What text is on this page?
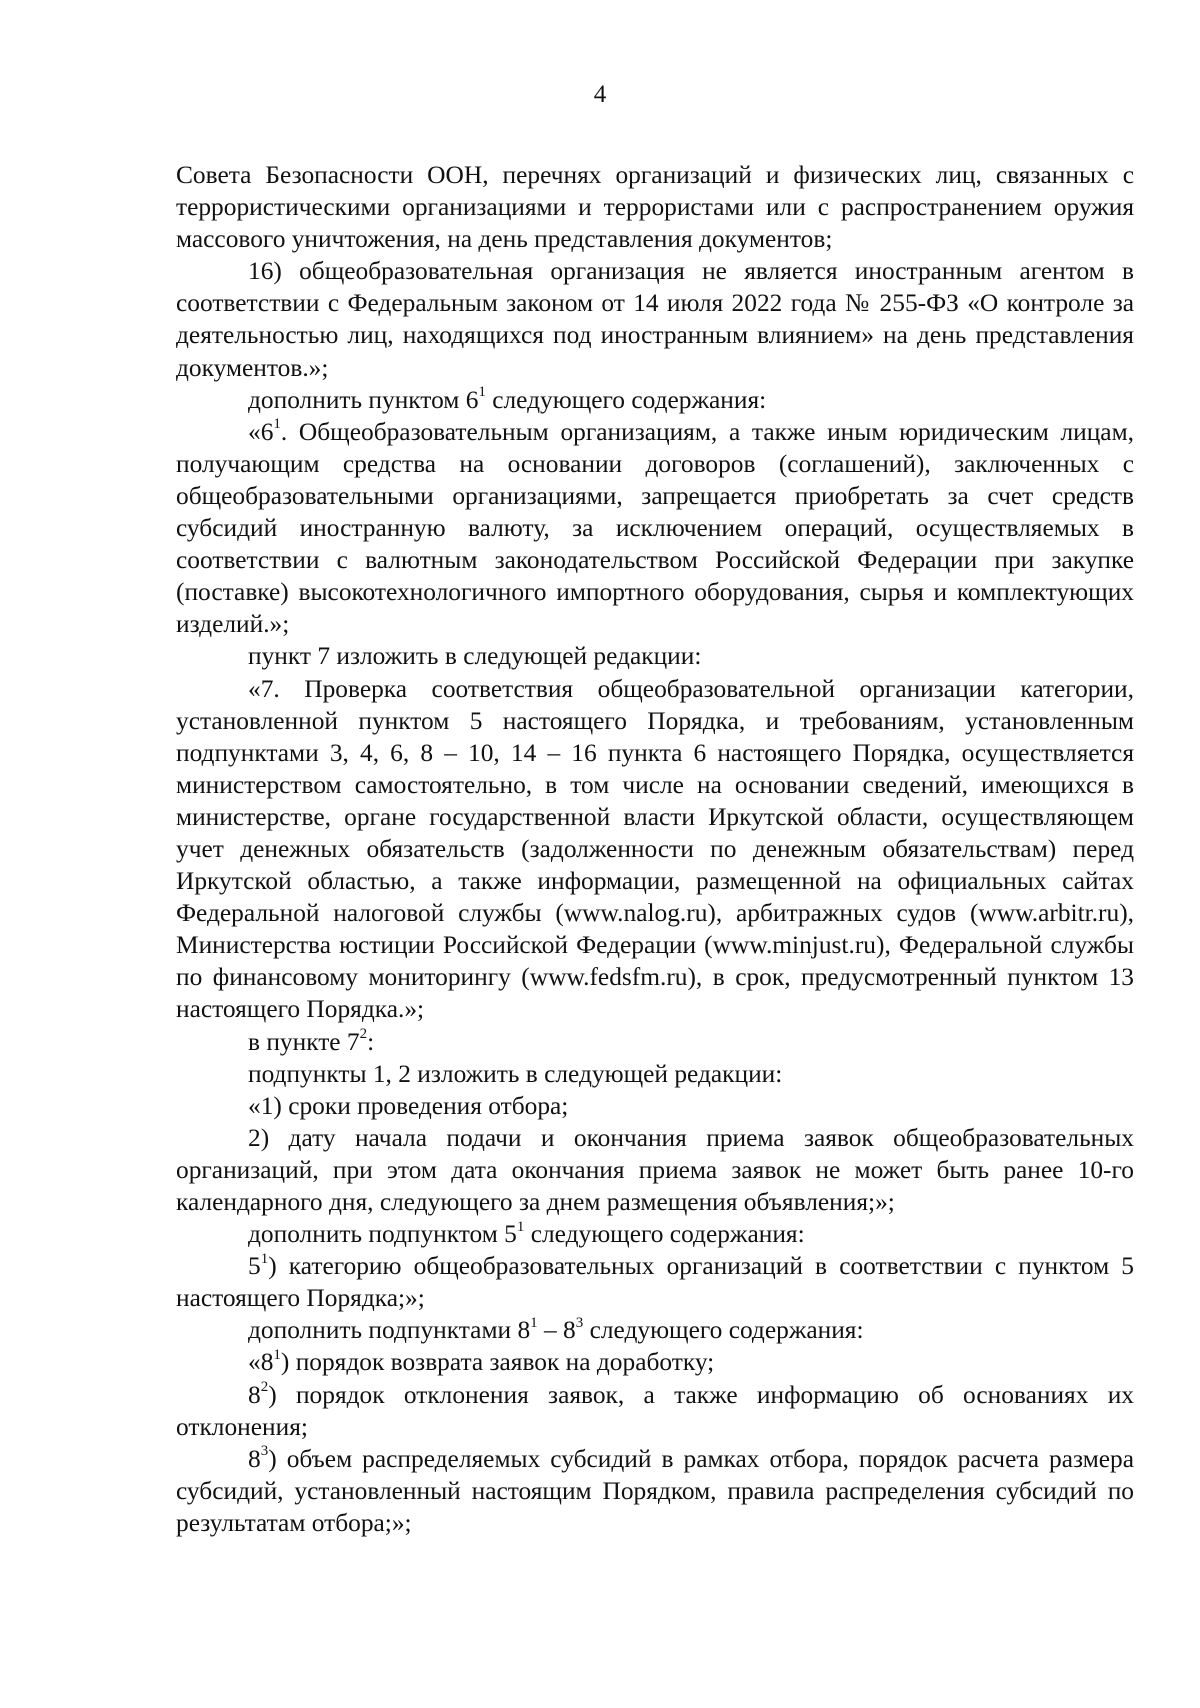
4

Совета Безопасности ООН, перечнях организаций и физических лиц, связанных с террористическими организациями и террористами или с распространением оружия массового уничтожения, на день представления документов;

16) общеобразовательная организация не является иностранным агентом в соответствии с Федеральным законом от 14 июля 2022 года № 255-ФЗ «О контроле за деятельностью лиц, находящихся под иностранным влиянием» на день представления документов.»;

дополнить пунктом $6^1$ следующего содержания:

«$6^1$. Общеобразовательным организациям, а также иным юридическим лицам, получающим средства на основании договоров (соглашений), заключенных с общеобразовательными организациями, запрещается приобретать за счет средств субсидий иностранную валюту, за исключением операций, осуществляемых в соответствии с валютным законодательством Российской Федерации при закупке (поставке) высокотехнологичного импортного оборудования, сырья и комплектующих изделий.»;

пункт 7 изложить в следующей редакции:

«7. Проверка соответствия общеобразовательной организации категории, установленной пунктом 5 настоящего Порядка, и требованиям, установленным подпунктами 3, 4, 6, 8 – 10, 14 – 16 пункта 6 настоящего Порядка, осуществляется министерством самостоятельно, в том числе на основании сведений, имеющихся в министерстве, органе государственной власти Иркутской области, осуществляющем учет денежных обязательств (задолженности по денежным обязательствам) перед Иркутской областью, а также информации, размещенной на официальных сайтах Федеральной налоговой службы (www.nalog.ru), арбитражных судов (www.arbitr.ru), Министерства юстиции Российской Федерации (www.minjust.ru), Федеральной службы по финансовому мониторингу (www.fedsfm.ru), в срок, предусмотренный пунктом 13 настоящего Порядка.»;

в пункте $7^2$:

подпункты 1, 2 изложить в следующей редакции:

«1) сроки проведения отбора;

2) дату начала подачи и окончания приема заявок общеобразовательных организаций, при этом дата окончания приема заявок не может быть ранее 10-го календарного дня, следующего за днем размещения объявления;»;

дополнить подпунктом $5^1$ следующего содержания:

$5^1$) категорию общеобразовательных организаций в соответствии с пунктом 5 настоящего Порядка;»;

дополнить подпунктами $8^1 - 8^3$ следующего содержания:

«$8^1$) порядок возврата заявок на доработку;

$8^2$) порядок отклонения заявок, а также информацию об основаниях их отклонения;

$8^3$) объем распределяемых субсидий в рамках отбора, порядок расчета размера субсидий, установленный настоящим Порядком, правила распределения субсидий по результатам отбора;»;
